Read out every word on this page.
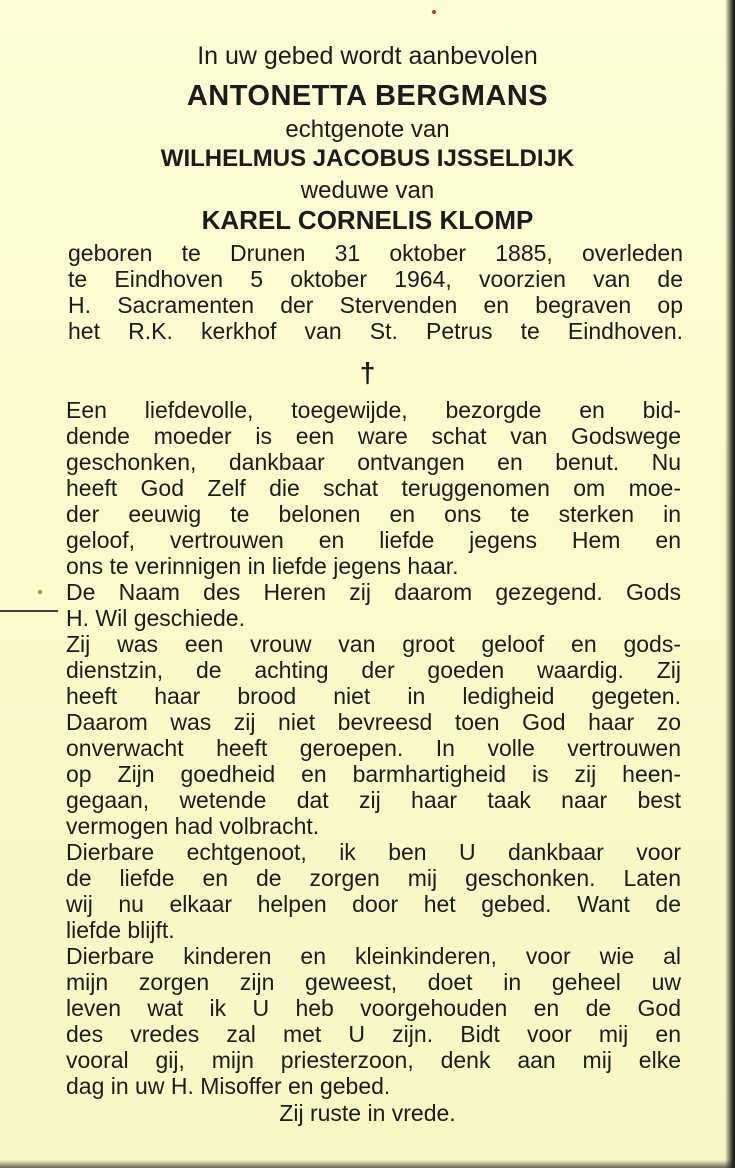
In uw gebed wordt aanbevolen
ANTONETTA BERGMANS
echtgenote van
WILHELMUS JACOBUS IJSSELDIJK
weduwe van
KAREL CORNELIS KLOMP
geboren te Drunen 31 oktober 1885, overleden
te Eindhoven 5 oktober 1964, voorzien van de
H. Sacramenten der Stervenden en begraven op
het R.K. kerkhof van St. Petrus te Eindhoven.
†
Een liefdevolle, toegewijde, bezorgde en bid-
dende moeder is een ware schat van Godswege
geschonken, dankbaar ontvangen en benut. Nu
heeft God Zelf die schat teruggenomen om moe-
der eeuwig te belonen en ons te sterken in
geloof, vertrouwen en liefde jegens Hem en
ons te verinnigen in liefde jegens haar.
De Naam des Heren zij daarom gezegend. Gods
H. Wil geschiede.
Zij was een vrouw van groot geloof en gods-
dienstzin, de achting der goeden waardig. Zij
heeft haar brood niet in ledigheid gegeten.
Daarom was zij niet bevreesd toen God haar zo
onverwacht heeft geroepen. In volle vertrouwen
op Zijn goedheid en barmhartigheid is zij heen-
gegaan, wetende dat zij haar taak naar best
vermogen had volbracht.
Dierbare echtgenoot, ik ben U dankbaar voor
de liefde en de zorgen mij geschonken. Laten
wij nu elkaar helpen door het gebed. Want de
liefde blijft.
Dierbare kinderen en kleinkinderen, voor wie al
mijn zorgen zijn geweest, doet in geheel uw
leven wat ik U heb voorgehouden en de God
des vredes zal met U zijn. Bidt voor mij en
vooral gij, mijn priesterzoon, denk aan mij elke
dag in uw H. Misoffer en gebed.
Zij ruste in vrede.
